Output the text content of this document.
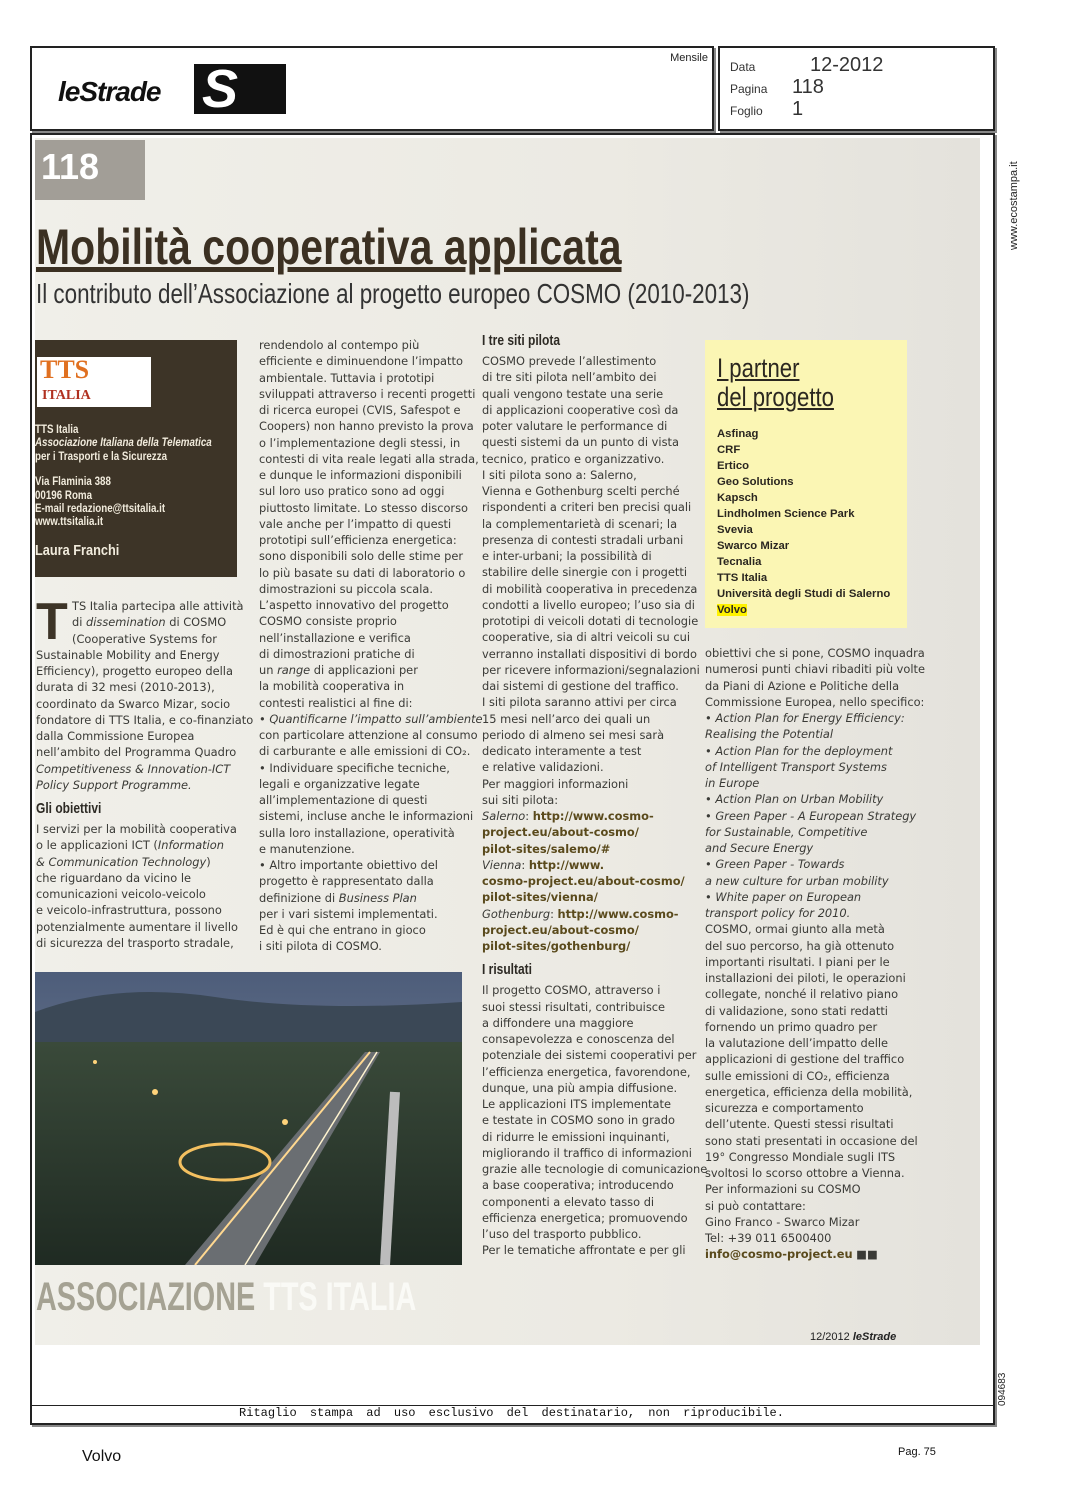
leStrade S
Mensile
Data	12-2012
Pagina 118
Foglio 1
118
Mobilità cooperativa applicata
Il contributo dell’Associazione al progetto europeo COSMO (2010-2013)
TTS
ITALIA
TTS Italia
Associazione Italiana della Telematica
per i Trasporti e la Sicurezza
Via Flaminia 388
00196 Roma
E-mail redazione@ttsitalia.it
www.ttsitalia.it
Laura Franchi
T TS Italia partecipa alle attività
di dissemination di COSMO
(Cooperative Systems for
Sustainable Mobility and Energy
Efficiency), progetto europeo della
durata di 32 mesi (2010-2013),
coordinato da Swarco Mizar, socio
fondatore di TTS Italia, e co-finanziato
dalla Commissione Europea
nell’ambito del Programma Quadro
Competitiveness & Innovation-ICT
Policy Support Programme.
Gli obiettivi
I servizi per la mobilità cooperativa
o le applicazioni ICT (Information
& Communication Technology)
che riguardano da vicino le
comunicazioni veicolo-veicolo
e veicolo-infrastruttura, possono
potenzialmente aumentare il livello
di sicurezza del trasporto stradale,
rendendolo al contempo più
efficiente e diminuendone l’impatto
ambientale. Tuttavia i prototipi
sviluppati attraverso i recenti progetti
di ricerca europei (CVIS, Safespot e
Coopers) non hanno previsto la prova
o l’implementazione degli stessi, in
contesti di vita reale legati alla strada,
e dunque le informazioni disponibili
sul loro uso pratico sono ad oggi
piuttosto limitate. Lo stesso discorso
vale anche per l’impatto di questi
prototipi sull’efficienza energetica:
sono disponibili solo delle stime per
lo più basate su dati di laboratorio o
dimostrazioni su piccola scala.
L’aspetto innovativo del progetto
COSMO consiste proprio
nell’installazione e verifica
di dimostrazioni pratiche di
un range di applicazioni per
la mobilità cooperativa in
contesti realistici al fine di:
• Quantificarne l’impatto sull’ambiente
con particolare attenzione al consumo
di carburante e alle emissioni di CO₂.
• Individuare specifiche tecniche,
legali e organizzative legate
all’implementazione di questi
sistemi, incluse anche le informazioni
sulla loro installazione, operatività
e manutenzione.
• Altro importante obiettivo del
progetto è rappresentato dalla
definizione di Business Plan
per i vari sistemi implementati.
Ed è qui che entrano in gioco
i siti pilota di COSMO.
I tre siti pilota
COSMO prevede l’allestimento
di tre siti pilota nell’ambito dei
quali vengono testate una serie
di applicazioni cooperative così da
poter valutare le performance di
questi sistemi da un punto di vista
tecnico, pratico e organizzativo.
I siti pilota sono a: Salerno,
Vienna e Gothenburg scelti perché
rispondenti a criteri ben precisi quali
la complementarietà di scenari; la
presenza di contesti stradali urbani
e inter-urbani; la possibilità di
stabilire delle sinergie con i progetti
di mobilità cooperativa in precedenza
condotti a livello europeo; l’uso sia di
prototipi di veicoli dotati di tecnologie
cooperative, sia di altri veicoli su cui
verranno installati dispositivi di bordo
per ricevere informazioni/segnalazioni
dai sistemi di gestione del traffico.
I siti pilota saranno attivi per circa
15 mesi nell’arco dei quali un
periodo di almeno sei mesi sarà
dedicato interamente a test
e relative validazioni.
Per maggiori informazioni
sui siti pilota:
Salerno: http://www.cosmo-
project.eu/about-cosmo/
pilot-sites/salemo/#
Vienna: http://www.
cosmo-project.eu/about-cosmo/
pilot-sites/vienna/
Gothenburg: http://www.cosmo-
project.eu/about-cosmo/
pilot-sites/gothenburg/
I risultati
Il progetto COSMO, attraverso i
suoi stessi risultati, contribuisce
a diffondere una maggiore
consapevolezza e conoscenza del
potenziale dei sistemi cooperativi per
l’efficienza energetica, favorendone,
dunque, una più ampia diffusione.
Le applicazioni ITS implementate
e testate in COSMO sono in grado
di ridurre le emissioni inquinanti,
migliorando il traffico di informazioni
grazie alle tecnologie di comunicazione
a base cooperativa; introducendo
componenti a elevato tasso di
efficienza energetica; promuovendo
l’uso del trasporto pubblico.
Per le tematiche affrontate e per gli
obiettivi che si pone, COSMO inquadra
numerosi punti chiavi ribaditi più volte
da Piani di Azione e Politiche della
Commissione Europea, nello specifico:
• Action Plan for Energy Efficiency:
Realising the Potential
• Action Plan for the deployment
of Intelligent Transport Systems
in Europe
• Action Plan on Urban Mobility
• Green Paper - A European Strategy
for Sustainable, Competitive
and Secure Energy
• Green Paper - Towards
a new culture for urban mobility
• White paper on European
transport policy for 2010.
COSMO, ormai giunto alla metà
del suo percorso, ha già ottenuto
importanti risultati. I piani per le
installazioni dei piloti, le operazioni
collegate, nonché il relativo piano
di validazione, sono stati redatti
fornendo un primo quadro per
la valutazione dell’impatto delle
applicazioni di gestione del traffico
sulle emissioni di CO₂, efficienza
energetica, efficienza della mobilità,
sicurezza e comportamento
dell’utente. Questi stessi risultati
sono stati presentati in occasione del
19° Congresso Mondiale sugli ITS
svoltosi lo scorso ottobre a Vienna.
Per informazioni su COSMO
si può contattare:
Gino Franco - Swarco Mizar
Tel: +39 011 6500400
info@cosmo-project.eu ■■
I partner
del progetto
Asfinag
CRF
Ertico
Geo Solutions
Kapsch
Lindholmen Science Park
Svevia
Swarco Mizar
Tecnalia
TTS Italia
Università degli Studi di Salerno
Volvo
ASSOCIAZIONE TTS ITALIA
12/2012 leStrade
Ritaglio stampa ad uso esclusivo del destinatario, non riproducibile.
www.ecostampa.it
094683
Volvo	Pag. 75
